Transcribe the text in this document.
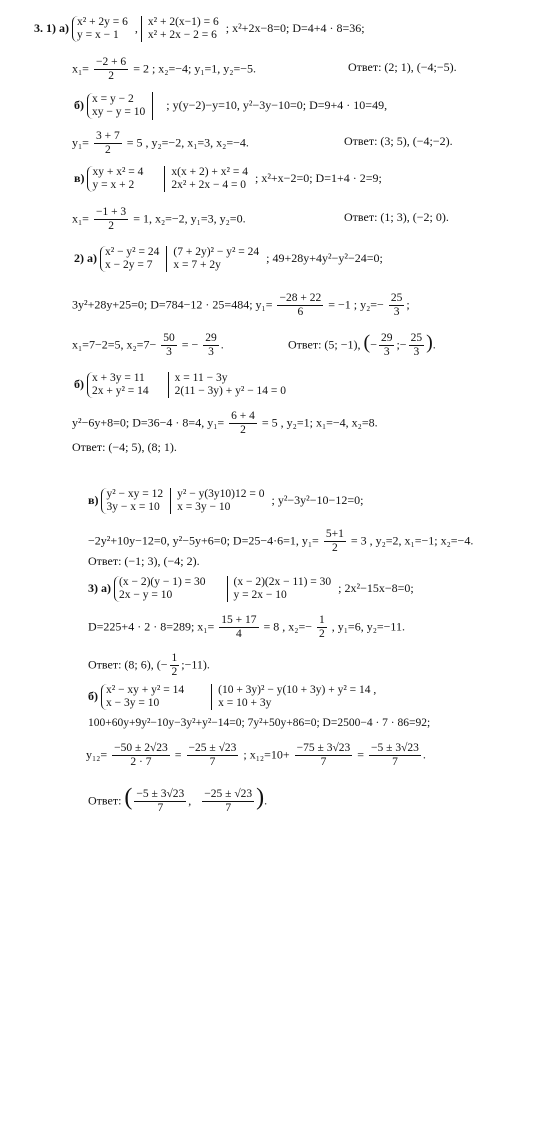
3. 1) а) x² + 2y = 6
y = x − 1 , x² + 2(x−1) = 6
x² + 2x − 2 = 6 ; x²+2x−8=0; D=4+4 · 8=36;
$x_1= \frac{-2 + 6}{2} = 2$ ; x₂=−4; y₁=1, y₂=−5.	Ответ: (2; 1), (−4;−5).
б) x = y − 2
xy − y = 10  ; y(y−2)−y=10, y²−3y−10=0; D=9+4 · 10=49,
$y_1= \frac{3 + 7}{2} = 5$ , y₂=−2, x₁=3, x₂=−4.	Ответ: (3; 5), (−4;−2).
в) xy + x² = 4
y = x + 2 x(x + 2) + x² = 4
2x² + 2x − 4 = 0 ; x²+x−2=0; D=1+4 · 2=9;
$x_1= \frac{-1 + 3}{2} = 1$, x₂=−2, y₁=3, y₂=0.	Ответ: (1; 3), (−2; 0).
2) а) x² − y² = 24
x − 2y = 7 (7 + 2y)² − y² = 24
x = 7 + 2y ; 49+28y+4y²−y²−24=0;
3y²+28y+25=0; D=784−12 · 25=484; $y_1= \frac{-28 + 22}{6} = -1$ ; $y_2=- \frac{25}{3}$ ;
x₁=7−2=5, $x_2=7- \frac{50}{3}$ = − $\frac{29}{3}$ .	Ответ: (5; −1), (− $\frac{29}{3}$ ;− $\frac{25}{3}$ ).
б) x + 3y = 11
2x + y² = 14 x = 11 − 3y
2(11 − 3y) + y² − 14 = 0
y²−6y+8=0; D=36−4 · 8=4, $y_1= \frac{6 + 4}{2} = 5$ , y₂=1; x₁=−4, x₂=8.
Ответ: (−4; 5), (8; 1).
в) y² − xy = 12
3y − x = 10 y² − y(3y10)12 = 0
x = 3y − 10 ; y²−3y²−10−12=0;
−2y²+10y−12=0, y²−5y+6=0; D=25−4·6=1, $y_1= \frac{5+1}{2} = 3$ , y₂=2, x₁=−1; x₂=−4.
Ответ: (−1; 3), (−4; 2).
3) а) (x − 2)(y − 1) = 30
2x − y = 10 (x − 2)(2x − 11) = 30
y = 2x − 10 ; 2x²−15x−8=0;
D=225+4 · 2 · 8=289; $x_1= \frac{15 + 17}{4} = 8$ , $x_2=- \frac{1}{2}$ , y₁=6, y₂=−11.
Ответ: (8; 6), (− $\frac{1}{2}$ ;−11).
б) x² − xy + y² = 14
x − 3y = 10 (10 + 3y)² − y(10 + 3y) + y² = 14 ,
x = 10 + 3y
100+60y+9y²−10y−3y²+y²−14=0; 7y²+50y+86=0; D=2500−4 · 7 · 86=92;
$y_{12}= \frac{-50 \pm 2√23}{2 \cdot 7} = \frac{-25 \pm √23}{7}$ ; $x_{12}=10+ \frac{-75 \pm 3√23}{7} = \frac{-5 \pm 3√23}{7}$ .
Ответ: ( $\frac{-5 \pm 3√23}{7}$ , $\frac{-25 \pm √23}{7}$ ).
